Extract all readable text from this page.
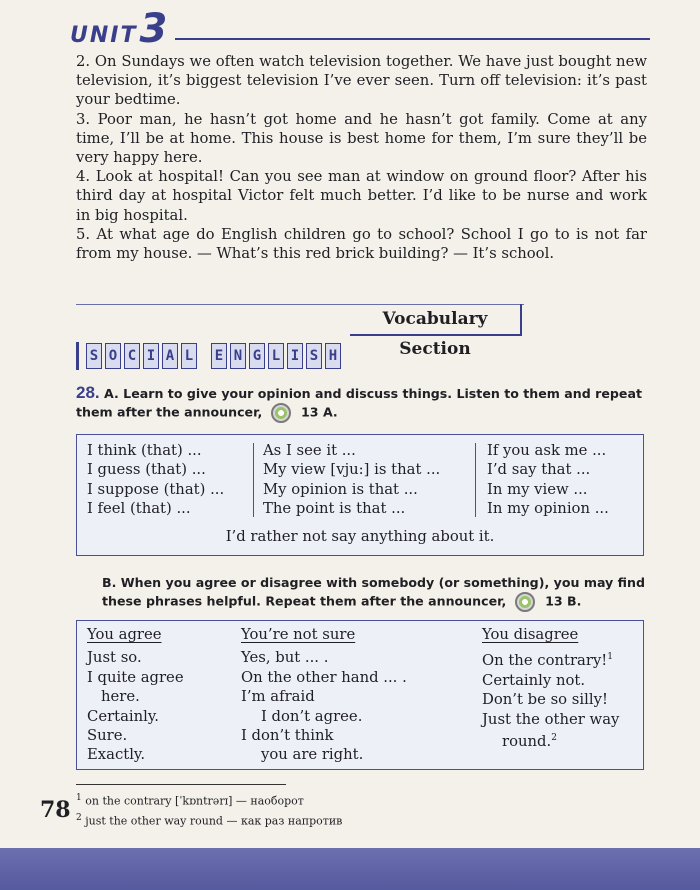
UNIT 3

2. On Sundays we often watch television together. We have just bought new television, it’s biggest television I’ve ever seen. Turn off television: it’s past your bedtime.

3. Poor man, he hasn’t got home and he hasn’t got family. Come at any time, I’ll be at home. This house is best home for them, I’m sure they’ll be very happy here.

4. Look at hospital! Can you see man at window on ground floor? After his third day at hospital Victor felt much better. I’d like to be nurse and work in big hospital.

5. At what age do English children go to school? School I go to is not far from my house. — What’s this red brick building? — It’s school.

Vocabulary Section
S O C I A L E N G L I S H
28. A. Learn to give your opinion and discuss things. Listen to them and repeat them after the announcer,	13 A.
I think (that) ...
I guess (that) ...
I suppose (that) ...
I feel (that) ...
As I see it ...
My view [vju:] is that ...
My opinion is that ...
The point is that ...
If you ask me ...
I’d say that ...
In my view ...
In my opinion ...
I’d rather not say anything about it.
B. When you agree or disagree with somebody (or something), you may find these phrases helpful. Repeat them after the announcer,	13 B.
You agree
Just so.
I quite agree
here.
Certainly.
Sure.
Exactly.
You’re not sure
Yes, but ... .
On the other hand ... .
I’m afraid
I don’t agree.
I don’t think
you are right.
You disagree
On the contrary!$^1$
Certainly not.
Don’t be so silly!
Just the other way
round.$^2$
78 $^1$ on the contrary [ˈkɒntrərɪ] — наоборот
$^2$ just the other way round — как раз напротив
